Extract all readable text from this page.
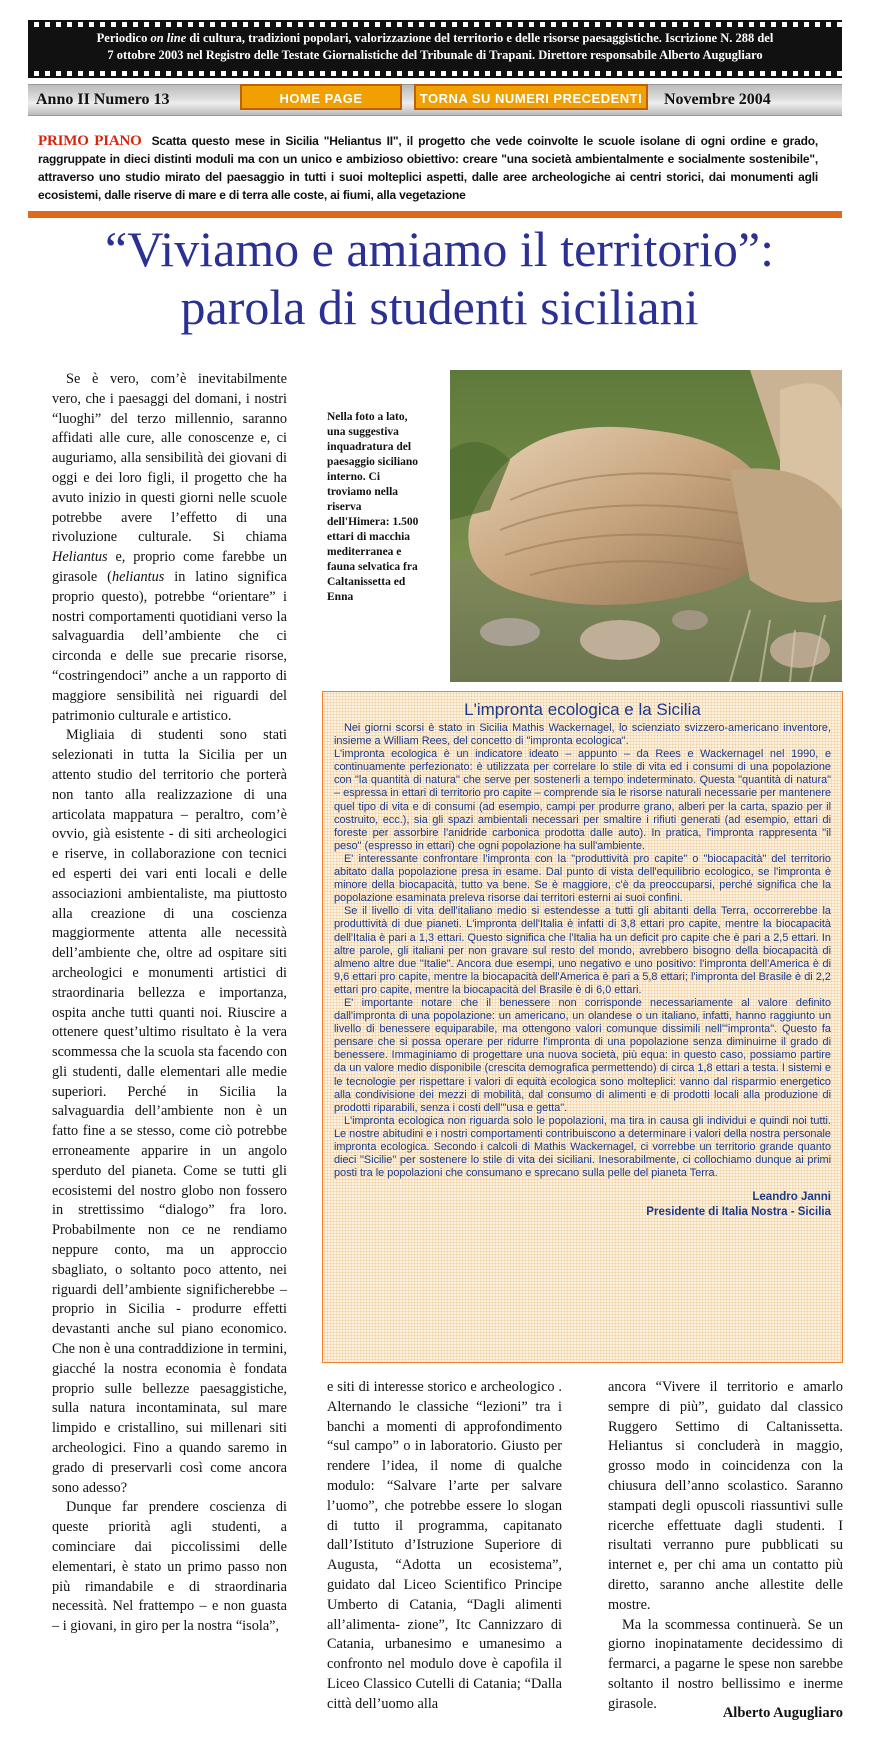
Periodico on line di cultura, tradizioni popolari, valorizzazione del territorio e delle risorse paesaggistiche. Iscrizione N. 288 del
7 ottobre 2003 nel Registro delle Testate Giornalistiche del Tribunale di Trapani. Direttore responsabile Alberto Augugliaro
Anno II Numero 13	HOME PAGE	TORNA SU NUMERI PRECEDENTI	Novembre 2004
PRIMO PIANO Scatta questo mese in Sicilia "Heliantus II", il progetto che vede coinvolte le scuole isolane di ogni ordine e grado, raggruppate in dieci distinti moduli ma con un unico e ambizioso obiettivo: creare "una società ambientalmente e socialmente sostenibile", attraverso uno studio mirato del paesaggio in tutti i suoi molteplici aspetti, dalle aree archeologiche ai centri storici, dai monumenti agli ecosistemi, dalle riserve di mare e di terra alle coste, ai fiumi, alla vegetazione
“Viviamo e amiamo il territorio”:
parola di studenti siciliani

Se è vero, com’è inevitabilmente vero, che i paesaggi del domani, i nostri “luoghi” del terzo millennio, saranno affidati alle cure, alle conoscenze e, ci auguriamo, alla sensibilità dei giovani di oggi e dei loro figli, il progetto che ha avuto inizio in questi giorni nelle scuole potrebbe avere l’effetto di una rivoluzione culturale. Si chiama Heliantus e, proprio come farebbe un girasole (heliantus in latino significa proprio questo), potrebbe “orientare” i nostri comportamenti quotidiani verso la salvaguardia dell’ambiente che ci circonda e delle sue precarie risorse, “costringendoci” anche a un rapporto di maggiore sensibilità nei riguardi del patrimonio culturale e artistico.

Migliaia di studenti sono stati selezionati in tutta la Sicilia per un attento studio del territorio che porterà non tanto alla realizzazione di una articolata mappatura – peraltro, com’è ovvio, già esistente - di siti archeologici e riserve, in collaborazione con tecnici ed esperti dei vari enti locali e delle associazioni ambientaliste, ma piuttosto alla creazione di una coscienza maggiormente attenta alle necessità dell’ambiente che, oltre ad ospitare siti archeologici e monumenti artistici di straordinaria bellezza e importanza, ospita anche tutti quanti noi. Riuscire a ottenere quest’ultimo risultato è la vera scommessa che la scuola sta facendo con gli studenti, dalle elementari alle medie superiori. Perché in Sicilia la salvaguardia dell’ambiente non è un fatto fine a se stesso, come ciò potrebbe erroneamente apparire in un angolo sperduto del pianeta. Come se tutti gli ecosistemi del nostro globo non fossero in strettissimo “dialogo” fra loro. Probabilmente non ce ne rendiamo neppure conto, ma un approccio sbagliato, o soltanto poco attento, nei riguardi dell’ambiente significherebbe – proprio in Sicilia - produrre effetti devastanti anche sul piano economico. Che non è una contraddizione in termini, giacché la nostra economia è fondata proprio sulle bellezze paesaggistiche, sulla natura incontaminata, sul mare limpido e cristallino, sui millenari siti archeologici. Fino a quando saremo in grado di preservarli così come ancora sono adesso?

Dunque far prendere coscienza di queste priorità agli studenti, a cominciare dai piccolissimi delle elementari, è stato un primo passo non più rimandabile e di straordinaria necessità. Nel frattempo – e non guasta – i giovani, in giro per la nostra “isola”,

Nella foto a lato, una suggestiva inquadratura del paesaggio siciliano interno. Ci troviamo nella riserva dell'Himera: 1.500 ettari di macchia mediterranea e fauna selvatica fra Caltanissetta ed Enna
L'impronta ecologica e la Sicilia

Nei giorni scorsi è stato in Sicilia Mathis Wackernagel, lo scienziato svizzero-americano inventore, insieme a William Rees, del concetto di "impronta ecologica".

L'impronta ecologica è un indicatore ideato – appunto – da Rees e Wackernagel nel 1990, e continuamente perfezionato: è utilizzata per correlare lo stile di vita ed i consumi di una popolazione con "la quantità di natura" che serve per sostenerli a tempo indeterminato. Questa "quantità di natura" – espressa in ettari di territorio pro capite – comprende sia le risorse naturali necessarie per mantenere quel tipo di vita e di consumi (ad esempio, campi per produrre grano, alberi per la carta, spazio per il costruito, ecc.), sia gli spazi ambientali necessari per smaltire i rifiuti generati (ad esempio, ettari di foreste per assorbire l'anidride carbonica prodotta dalle auto). In pratica, l'impronta rappresenta "il peso" (espresso in ettari) che ogni popolazione ha sull'ambiente.

E' interessante confrontare l'impronta con la "produttività pro capite" o "biocapacità" del territorio abitato dalla popolazione presa in esame. Dal punto di vista dell'equilibrio ecologico, se l'impronta è minore della biocapacità, tutto va bene. Se è maggiore, c'è da preoccuparsi, perché significa che la popolazione esaminata preleva risorse dai territori esterni ai suoi confini.

Se il livello di vita dell'italiano medio si estendesse a tutti gli abitanti della Terra, occorrerebbe la produttività di due pianeti. L'impronta dell'Italia è infatti di 3,8 ettari pro capite, mentre la biocapacità dell'Italia è pari a 1,3 ettari. Questo significa che l'Italia ha un deficit pro capite che è pari a 2,5 ettari. In altre parole, gli italiani per non gravare sul resto del mondo, avrebbero bisogno della biocapacità di almeno altre due "Italie". Ancora due esempi, uno negativo e uno positivo: l'impronta dell'America è di 9,6 ettari pro capite, mentre la biocapacità dell'America è pari a 5,8 ettari; l'impronta del Brasile è di 2,2 ettari pro capite, mentre la biocapacità del Brasile è di 6,0 ettari.

E' importante notare che il benessere non corrisponde necessariamente al valore definito dall'impronta di una popolazione: un americano, un olandese o un italiano, infatti, hanno raggiunto un livello di benessere equiparabile, ma ottengono valori comunque dissimili nell'"impronta". Questo fa pensare che si possa operare per ridurre l'impronta di una popolazione senza diminuirne il grado di benessere. Immaginiamo di progettare una nuova società, più equa: in questo caso, possiamo partire da un valore medio disponibile (crescita demografica permettendo) di circa 1,8 ettari a testa. I sistemi e le tecnologie per rispettare i valori di equità ecologica sono molteplici: vanno dal risparmio energetico alla condivisione dei mezzi di mobilità, dal consumo di alimenti e di prodotti locali alla produzione di prodotti riparabili, senza i costi dell'"usa e getta".

L'impronta ecologica non riguarda solo le popolazioni, ma tira in causa gli individui e quindi noi tutti. Le nostre abitudini e i nostri comportamenti contribuiscono a determinare i valori della nostra personale impronta ecologica. Secondo i calcoli di Mathis Wackernagel, ci vorrebbe un territorio grande quanto dieci "Sicilie" per sostenere lo stile di vita dei siciliani. Inesorabilmente, ci collochiamo dunque ai primi posti tra le popolazioni che consumano e sprecano sulla pelle del pianeta Terra.

Leandro Janni
Presidente di Italia Nostra - Sicilia

e siti di interesse storico e archeologico . Alternando le classiche “lezioni” tra i banchi a momenti di approfondimento “sul campo” o in laboratorio. Giusto per rendere l’idea, il nome di qualche modulo: “Salvare l’arte per salvare l’uomo”, che potrebbe essere lo slogan di tutto il programma, capitanato dall’Istituto d’Istruzione Superiore di Augusta, “Adotta un ecosistema”, guidato dal Liceo Scientifico Principe Umberto di Catania, “Dagli alimenti all’alimenta- zione”, Itc Cannizzaro di Catania, urbanesimo e umanesimo a confronto nel modulo dove è capofila il Liceo Classico Cutelli di Catania; “Dalla città dell’uomo alla

ancora “Vivere il territorio e amarlo sempre di più”, guidato dal classico Ruggero Settimo di Caltanissetta. Heliantus si concluderà in maggio, grosso modo in coincidenza con la chiusura dell’anno scolastico. Saranno stampati degli opuscoli riassuntivi sulle ricerche effettuate dagli studenti. I risultati verranno pure pubblicati su internet e, per chi ama un contatto più diretto, saranno anche allestite delle mostre.

Ma la scommessa continuerà. Se un giorno inopinatamente decidessimo di fermarci, a pagarne le spese non sarebbe soltanto il nostro bellissimo e inerme girasole.

Alberto Augugliaro
